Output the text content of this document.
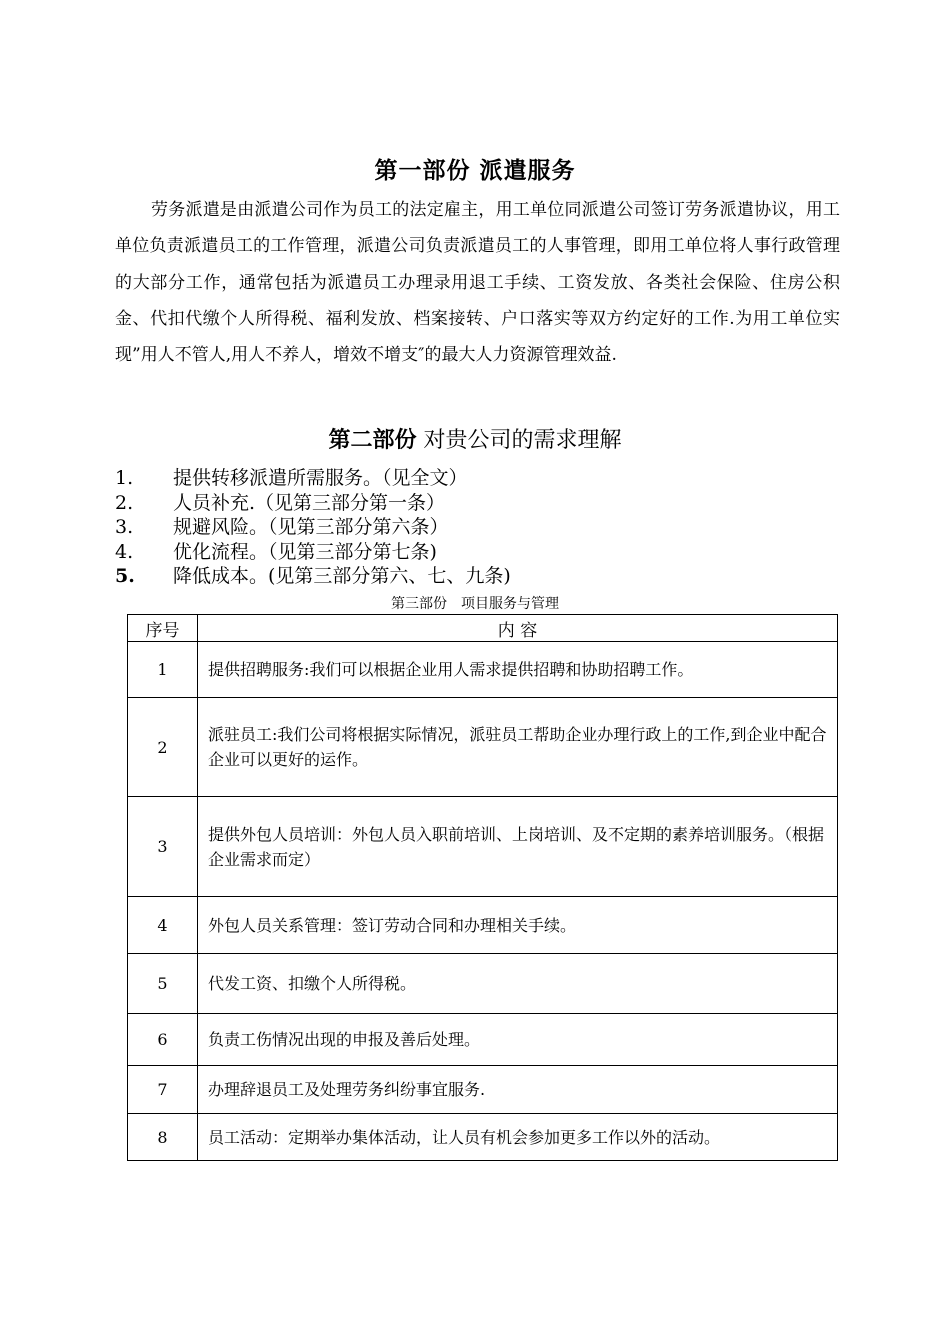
第一部份 派遣服务

劳务派遣是由派遣公司作为员工的法定雇主，用工单位同派遣公司签订劳务派遣协议，用工单位负责派遣员工的工作管理，派遣公司负责派遣员工的人事管理，即用工单位将人事行政管理的大部分工作，通常包括为派遣员工办理录用退工手续、工资发放、各类社会保险、住房公积金、代扣代缴个人所得税、福利发放、档案接转、户口落实等双方约定好的工作.为用工单位实现”用人不管人,用人不养人，增效不增支″的最大人力资源管理效益.

第二部份 对贵公司的需求理解
1. 提供转移派遣所需服务。（见全文）
2. 人员补充.（见第三部分第一条）
3. 规避风险。（见第三部分第六条）
4. 优化流程。（见第三部分第七条)
5. 降低成本。(见第三部分第六、七、九条)
第三部份　项目服务与管理
序号	内 容
1	提供招聘服务:我们可以根据企业用人需求提供招聘和协助招聘工作。
2	派驻员工:我们公司将根据实际情况，派驻员工帮助企业办理行政上的工作,到企业中配合企业可以更好的运作。
3	提供外包人员培训：外包人员入职前培训、上岗培训、及不定期的素养培训服务。（根据企业需求而定）
4	外包人员关系管理：签订劳动合同和办理相关手续。
5	代发工资、扣缴个人所得税。
6	负责工伤情况出现的申报及善后处理。
7	办理辞退员工及处理劳务纠纷事宜服务.
8	员工活动：定期举办集体活动，让人员有机会参加更多工作以外的活动。
